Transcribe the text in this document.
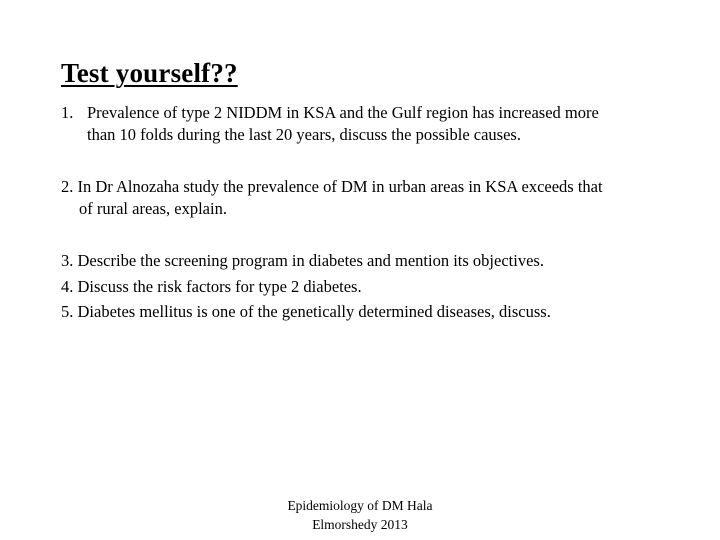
Test yourself??
1. Prevalence of type 2 NIDDM in KSA and the Gulf region has increased more
than 10 folds during the last 20 years, discuss the possible causes.
2. In Dr Alnozaha study the prevalence of DM in urban areas in KSA exceeds that
of rural areas, explain.
3. Describe the screening program in diabetes and mention its objectives.
4. Discuss the risk factors for type 2 diabetes.
5. Diabetes mellitus is one of the genetically determined diseases, discuss.
Epidemiology of DM Hala
Elmorshedy 2013
